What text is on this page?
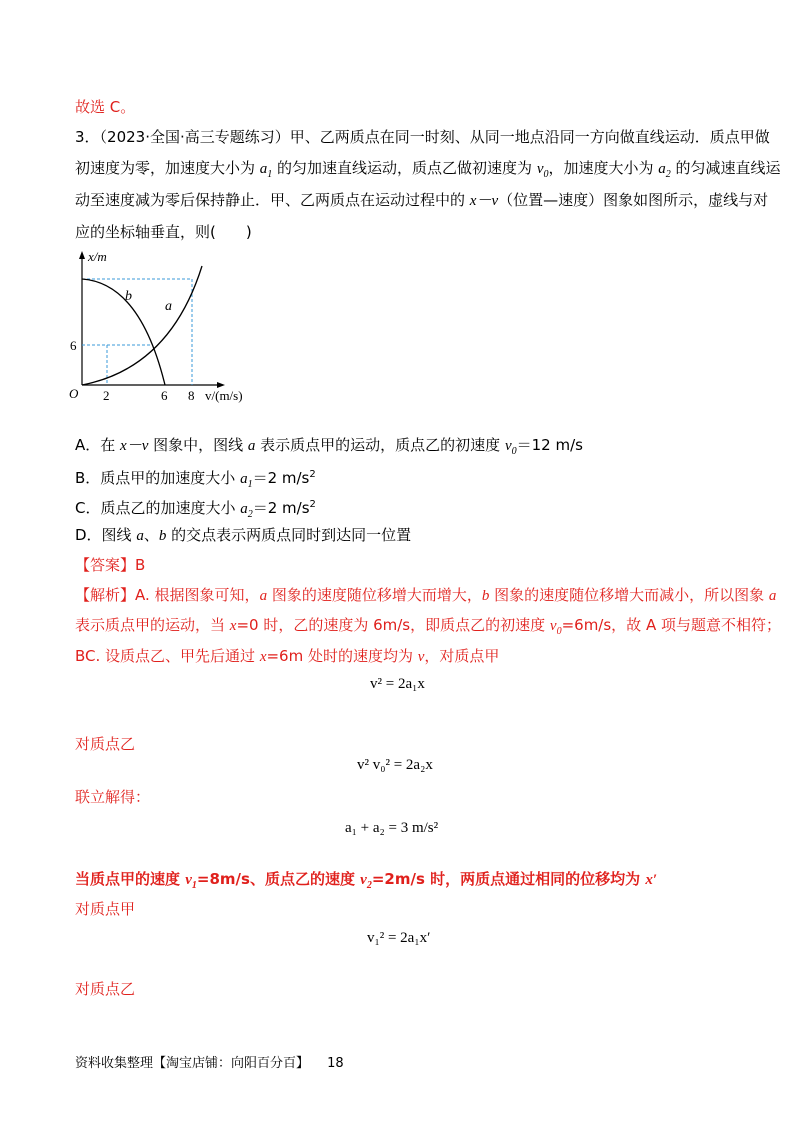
故选 C。
3．（2023·全国·高三专题练习）甲、乙两质点在同一时刻、从同一地点沿同一方向做直线运动．质点甲做
初速度为零，加速度大小为 $a_1$ 的匀加速直线运动，质点乙做初速度为 $v_0$，加速度大小为 $a_2$ 的匀减速直线运
动至速度减为零后保持静止．甲、乙两质点在运动过程中的 x－v（位置—速度）图象如图所示，虚线与对
应的坐标轴垂直，则(　　)
x/m
6
O 2	6 8 v/(m/s)
b
a
A．在 x－v 图象中，图线 a 表示质点甲的运动，质点乙的初速度 $v_0=12$ m/s
B．质点甲的加速度大小 $a_1=2$ $m/s^2$
C．质点乙的加速度大小 $a_2=2$ $m/s^2$
D．图线 a、b 的交点表示两质点同时到达同一位置
【答案】B
【解析】A. 根据图象可知，a 图象的速度随位移增大而增大，b 图象的速度随位移增大而减小，所以图象 a
表示质点甲的运动，当 x=0 时，乙的速度为 6m/s，即质点乙的初速度 $v_0=6m/s$，故 A 项与题意不相符；
BC. 设质点乙、甲先后通过 x=6m 处时的速度均为 v，对质点甲
v² = 2a₁x
对质点乙
v² v₀² = 2a₂x
联立解得：
a₁ + a₂ = 3 m/s²
当质点甲的速度 $v_1=8m/s$、质点乙的速度 $v_2=2m/s$ 时，两质点通过相同的位移均为 x′
对质点甲
v₁² = 2a₁x′
对质点乙
资料收集整理【淘宝店铺：向阳百分百】 18
